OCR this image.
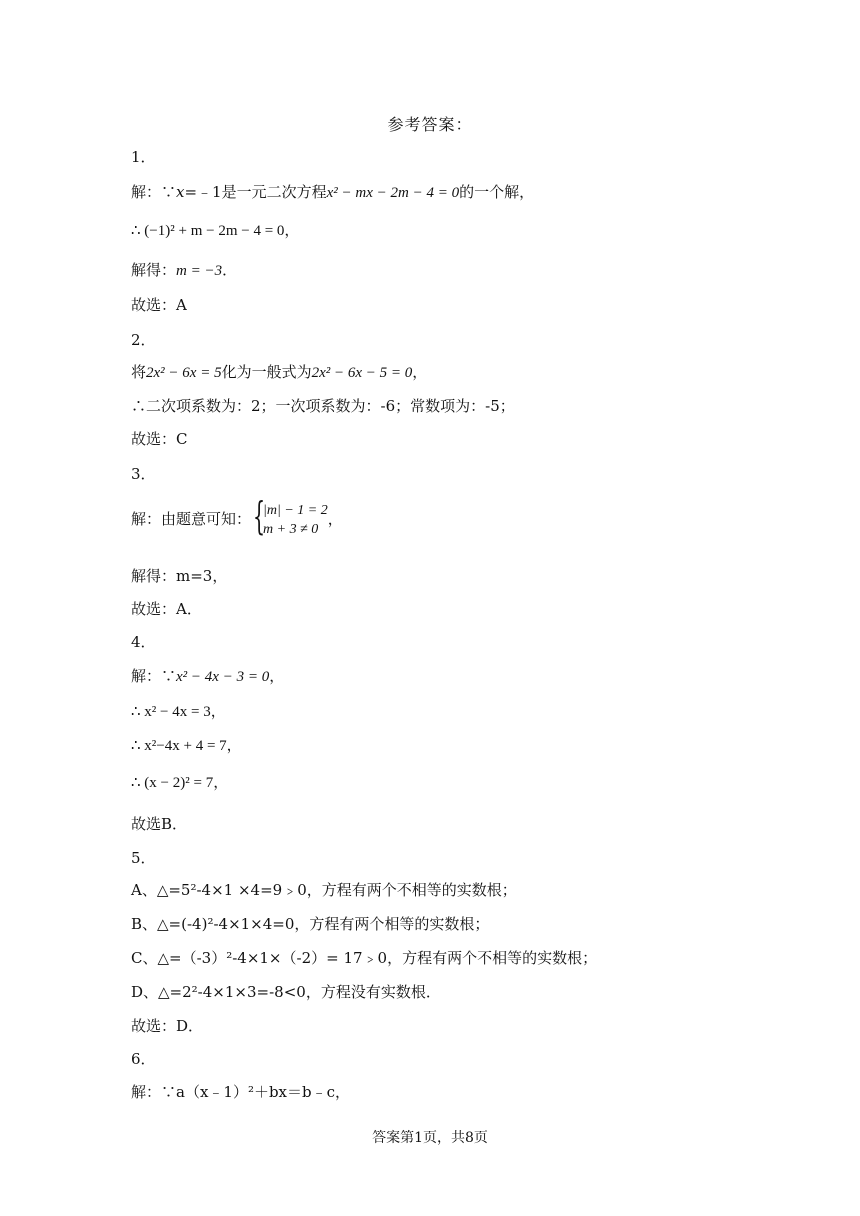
参考答案：
1．
解：∵x=﹣1是一元二次方程x² − mx − 2m − 4 = 0的一个解，
∴ (−1)² + m − 2m − 4 = 0，
解得：m = −3．
故选：A
2．
将2x² − 6x = 5化为一般式为2x² − 6x − 5 = 0，
∴二次项系数为：2；一次项系数为：-6；常数项为：-5；
故选：C
3．
解：由题意可知： {
|m| − 1 = 2
m + 3 ≠ 0
，
解得：m=3，
故选：A．
4．
解：∵x² − 4x − 3 = 0，
∴ x² − 4x = 3，
∴ x²−4x + 4 = 7，
∴ (x − 2)² = 7，
故选B．
5．
A、△=5²-4×1 ×4=9﹥0，方程有两个不相等的实数根；
B、△=(-4)²-4×1×4=0，方程有两个相等的实数根；
C、△=（-3）²-4×1×（-2）= 17﹥0，方程有两个不相等的实数根；
D、△=2²-4×1×3=-8<0，方程没有实数根．
故选：D．
6．
解：∵a（x﹣1）²＋bx＝b﹣c，
答案第1页，共8页
